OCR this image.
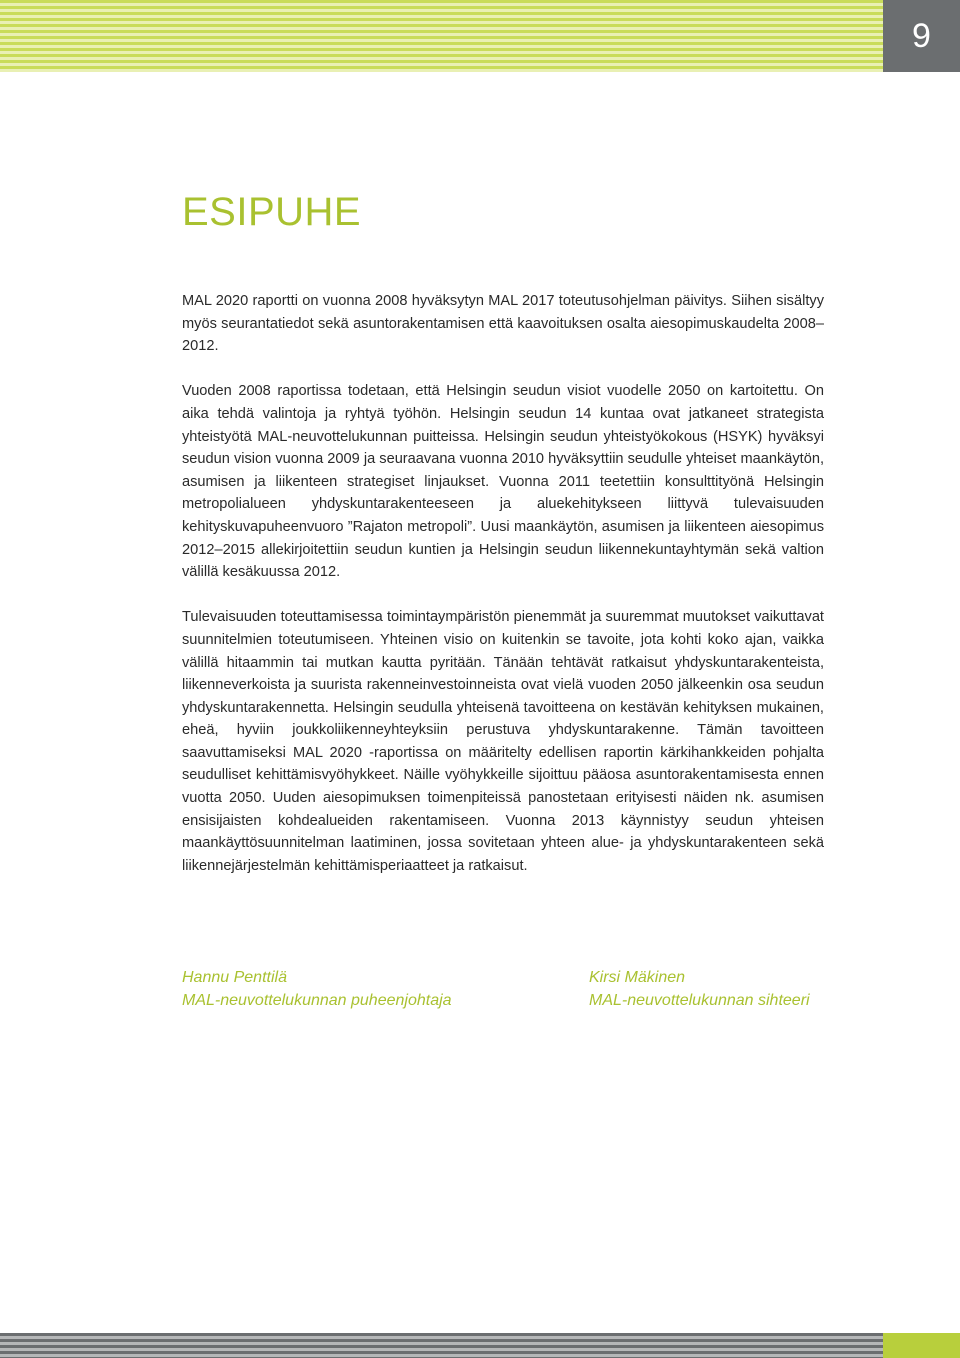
9
ESIPUHE

MAL 2020 raportti on vuonna 2008 hyväksytyn MAL 2017 toteutusohjelman päivitys. Siihen sisältyy myös seurantatiedot sekä asuntorakentamisen että kaavoituksen osalta aiesopimuskaudelta 2008–2012.

Vuoden 2008 raportissa todetaan, että Helsingin seudun visiot vuodelle 2050 on kartoitettu. On aika tehdä valintoja ja ryhtyä työhön. Helsingin seudun 14 kuntaa ovat jatkaneet strategista yhteistyötä MAL-neuvottelukunnan puitteissa. Helsingin seudun yhteistyökokous (HSYK) hyväksyi seudun vision vuonna 2009 ja seuraavana vuonna 2010 hyväksyttiin seudulle yhteiset maankäytön, asumisen ja liikenteen strategiset linjaukset. Vuonna 2011 teetettiin konsulttityönä Helsingin metropolialueen yhdyskuntarakenteeseen ja aluekehitykseen liittyvä tulevaisuuden kehityskuvapuheenvuoro ”Rajaton metropoli”. Uusi maankäytön, asumisen ja liikenteen aiesopimus 2012–2015 allekirjoitettiin seudun kuntien ja Helsingin seudun liikennekuntayhtymän sekä valtion välillä kesäkuussa 2012.

Tulevaisuuden toteuttamisessa toimintaympäristön pienemmät ja suuremmat muutokset vaikuttavat suunnitelmien toteutumiseen. Yhteinen visio on kuitenkin se tavoite, jota kohti koko ajan, vaikka välillä hitaammin tai mutkan kautta pyritään. Tänään tehtävät ratkaisut yhdyskuntarakenteista, liikenneverkoista ja suurista rakenneinvestoinneista ovat vielä vuoden 2050 jälkeenkin osa seudun yhdyskuntarakennetta. Helsingin seudulla yhteisenä tavoitteena on kestävän kehityksen mukainen, eheä, hyviin joukkoliikenneyhteyksiin perustuva yhdyskuntarakenne. Tämän tavoitteen saavuttamiseksi MAL 2020 -raportissa on määritelty edellisen raportin kärkihankkeiden pohjalta seudulliset kehittämisvyöhykkeet. Näille vyöhykkeille sijoittuu pääosa asuntorakentamisesta ennen vuotta 2050. Uuden aiesopimuksen toimenpiteissä panostetaan erityisesti näiden nk. asumisen ensisijaisten kohdealueiden rakentamiseen. Vuonna 2013 käynnistyy seudun yhteisen maankäyttösuunnitelman laatiminen, jossa sovitetaan yhteen alue- ja yhdyskuntarakenteen sekä liikennejärjestelmän kehittämisperiaatteet ja ratkaisut.

Hannu Penttilä
MAL-neuvottelukunnan puheenjohtaja
Kirsi Mäkinen
MAL-neuvottelukunnan sihteeri
